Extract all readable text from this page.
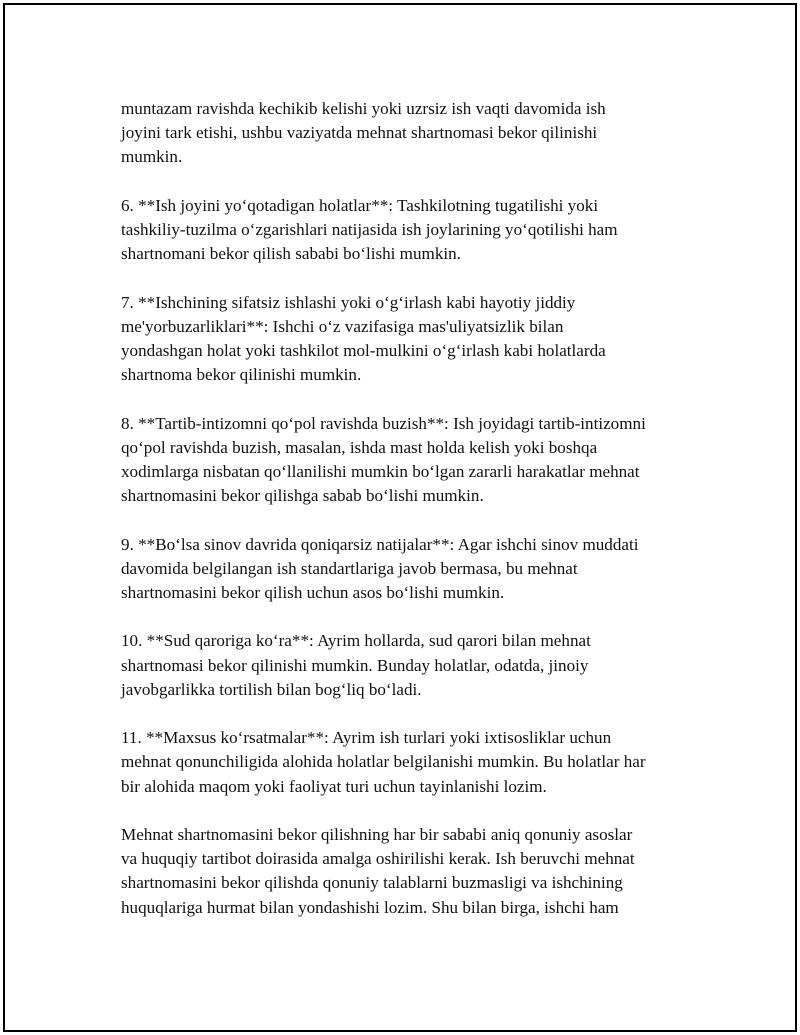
muntazam ravishda kechikib kelishi yoki uzrsiz ish vaqti davomida ish
joyini tark etishi, ushbu vaziyatda mehnat shartnomasi bekor qilinishi
mumkin.

6. **Ish joyini yo‘qotadigan holatlar**: Tashkilotning tugatilishi yoki
tashkiliy-tuzilma o‘zgarishlari natijasida ish joylarining yo‘qotilishi ham
shartnomani bekor qilish sababi bo‘lishi mumkin.

7. **Ishchining sifatsiz ishlashi yoki o‘g‘irlash kabi hayotiy jiddiy
me'yorbuzarliklari**: Ishchi o‘z vazifasiga mas'uliyatsizlik bilan
yondashgan holat yoki tashkilot mol-mulkini o‘g‘irlash kabi holatlarda
shartnoma bekor qilinishi mumkin.

8. **Tartib-intizomni qo‘pol ravishda buzish**: Ish joyidagi tartib-intizomni
qo‘pol ravishda buzish, masalan, ishda mast holda kelish yoki boshqa
xodimlarga nisbatan qo‘llanilishi mumkin bo‘lgan zararli harakatlar mehnat
shartnomasini bekor qilishga sabab bo‘lishi mumkin.

9. **Bo‘lsa sinov davrida qoniqarsiz natijalar**: Agar ishchi sinov muddati
davomida belgilangan ish standartlariga javob bermasa, bu mehnat
shartnomasini bekor qilish uchun asos bo‘lishi mumkin.

10. **Sud qaroriga ko‘ra**: Ayrim hollarda, sud qarori bilan mehnat
shartnomasi bekor qilinishi mumkin. Bunday holatlar, odatda, jinoiy
javobgarlikka tortilish bilan bog‘liq bo‘ladi.

11. **Maxsus ko‘rsatmalar**: Ayrim ish turlari yoki ixtisosliklar uchun
mehnat qonunchiligida alohida holatlar belgilanishi mumkin. Bu holatlar har
bir alohida maqom yoki faoliyat turi uchun tayinlanishi lozim.

Mehnat shartnomasini bekor qilishning har bir sababi aniq qonuniy asoslar
va huquqiy tartibot doirasida amalga oshirilishi kerak. Ish beruvchi mehnat
shartnomasini bekor qilishda qonuniy talablarni buzmasligi va ishchining
huquqlariga hurmat bilan yondashishi lozim. Shu bilan birga, ishchi ham
